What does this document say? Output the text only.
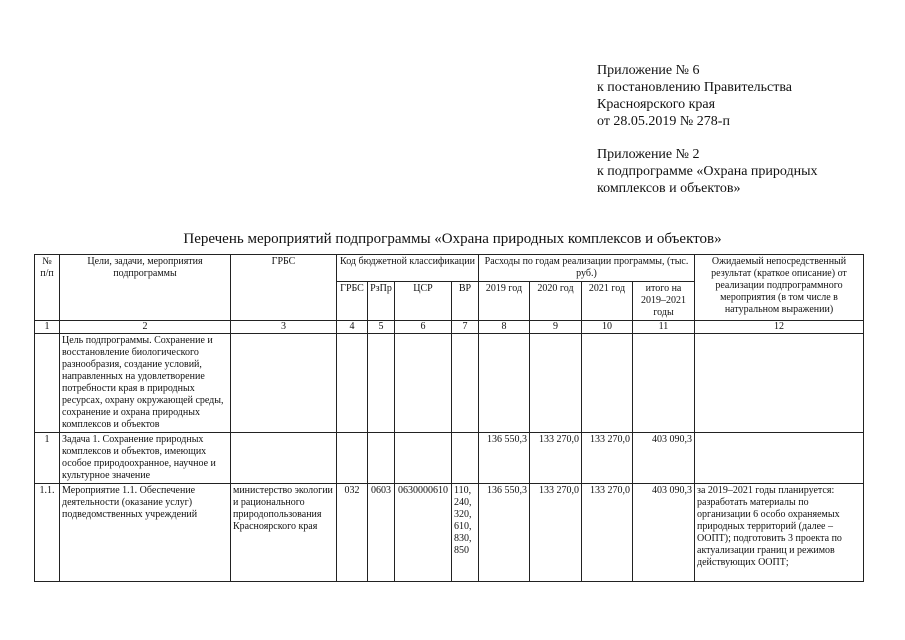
Приложение № 6
к постановлению Правительства
Красноярского края
от 28.05.2019 № 278-п
Приложение № 2
к подпрограмме «Охрана природных
комплексов и объектов»
Перечень мероприятий подпрограммы «Охрана природных комплексов и объектов»
№ п/п	Цели, задачи, мероприятия подпрограммы	ГРБС	Код бюджетной классификации				Расходы по годам реализации программы, (тыс. руб.)				Ожидаемый непосредственный результат (краткое описание) от реализации подпрограммного мероприятия (в том числе в натуральном выражении)
			ГРБС	РзПр	ЦСР	ВР	2019 год	2020 год	2021 год	итого на 2019–2021 годы	
1	2	3	4	5	6	7	8	9	10	11	12
	Цель подпрограммы. Сохранение и восстановление биологического разнообразия, создание условий, направленных на удовлетворение потребности края в природных ресурсах, охрану окружающей среды, сохранение и охрана природных комплексов и объектов										
1	Задача 1. Сохранение природных комплексов и объектов, имеющих особое природоохранное, научное и культурное значение						136 550,3	133 270,0	133 270,0	403 090,3	
1.1.	Мероприятие 1.1. Обеспечение деятельности (оказание услуг) подведомственных учреждений	министерство экологии и рационального природопользования Красноярского края	032	0603	0630000610	110, 240, 320, 610, 830, 850	136 550,3	133 270,0	133 270,0	403 090,3	за 2019–2021 годы планируется: разработать материалы по организации 6 особо охраняемых природных территорий (далее – ООПТ); подготовить 3 проекта по актуализации границ и режимов действующих ООПТ;
